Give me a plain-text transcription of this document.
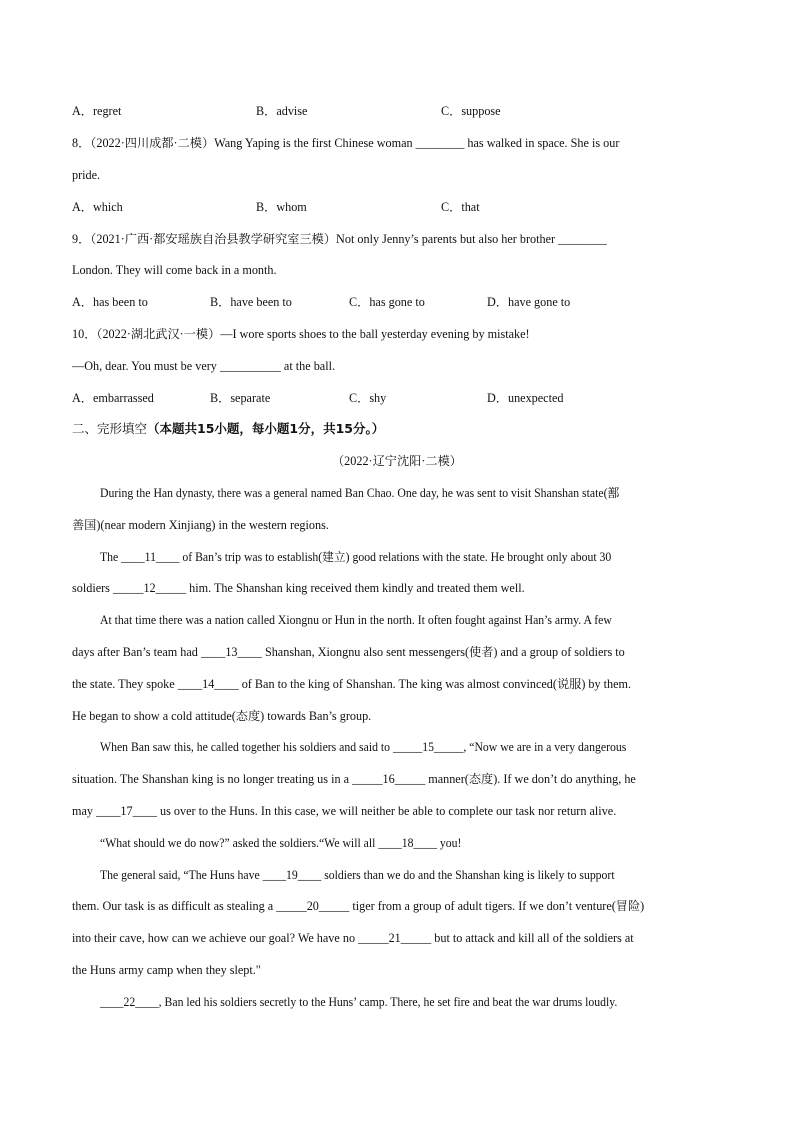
A．regret	B．advise	C．suppose
8．（2022·四川成都·二模）Wang Yaping is the first Chinese woman ________ has walked in space. She is our
pride.
A．which	B．whom	C．that
9．（2021·广西·都安瑶族自治县教学研究室三模）Not only Jenny’s parents but also her brother ________
London. They will come back in a month.
A．has been to	B．have been to	C．has gone to	D．have gone to
10．（2022·湖北武汉·一模）—I wore sports shoes to the ball yesterday evening by mistake!
—Oh, dear. You must be very __________ at the ball.
A．embarrassed	B．separate	C．shy	D．unexpected
二、完形填空（本题共15小题，每小题1分，共15分。）
（2022·辽宁沈阳·二模）
During the Han dynasty, there was a general named Ban Chao. One day, he was sent to visit Shanshan state(鄯
善国)(near modern Xinjiang) in the western regions.
The ____11____ of Ban’s trip was to establish(建立) good relations with the state. He brought only about 30
soldiers _____12_____ him. The Shanshan king received them kindly and treated them well.
At that time there was a nation called Xiongnu or Hun in the north. It often fought against Han’s army. A few
days after Ban’s team had ____13____ Shanshan, Xiongnu also sent messengers(使者) and a group of soldiers to
the state. They spoke ____14____ of Ban to the king of Shanshan. The king was almost convinced(说服) by them.
He began to show a cold attitude(态度) towards Ban’s group.
When Ban saw this, he called together his soldiers and said to _____15_____, “Now we are in a very dangerous
situation. The Shanshan king is no longer treating us in a _____16_____ manner(态度). If we don’t do anything, he
may ____17____ us over to the Huns. In this case, we will neither be able to complete our task nor return alive.
“What should we do now?” asked the soldiers.“We will all ____18____ you!
The general said, “The Huns have ____19____ soldiers than we do and the Shanshan king is likely to support
them. Our task is as difficult as stealing a _____20_____ tiger from a group of adult tigers. If we don’t venture(冒险)
into their cave, how can we achieve our goal? We have no _____21_____ but to attack and kill all of the soldiers at
the Huns army camp when they slept."
____22____, Ban led his soldiers secretly to the Huns’ camp. There, he set fire and beat the war drums loudly.
